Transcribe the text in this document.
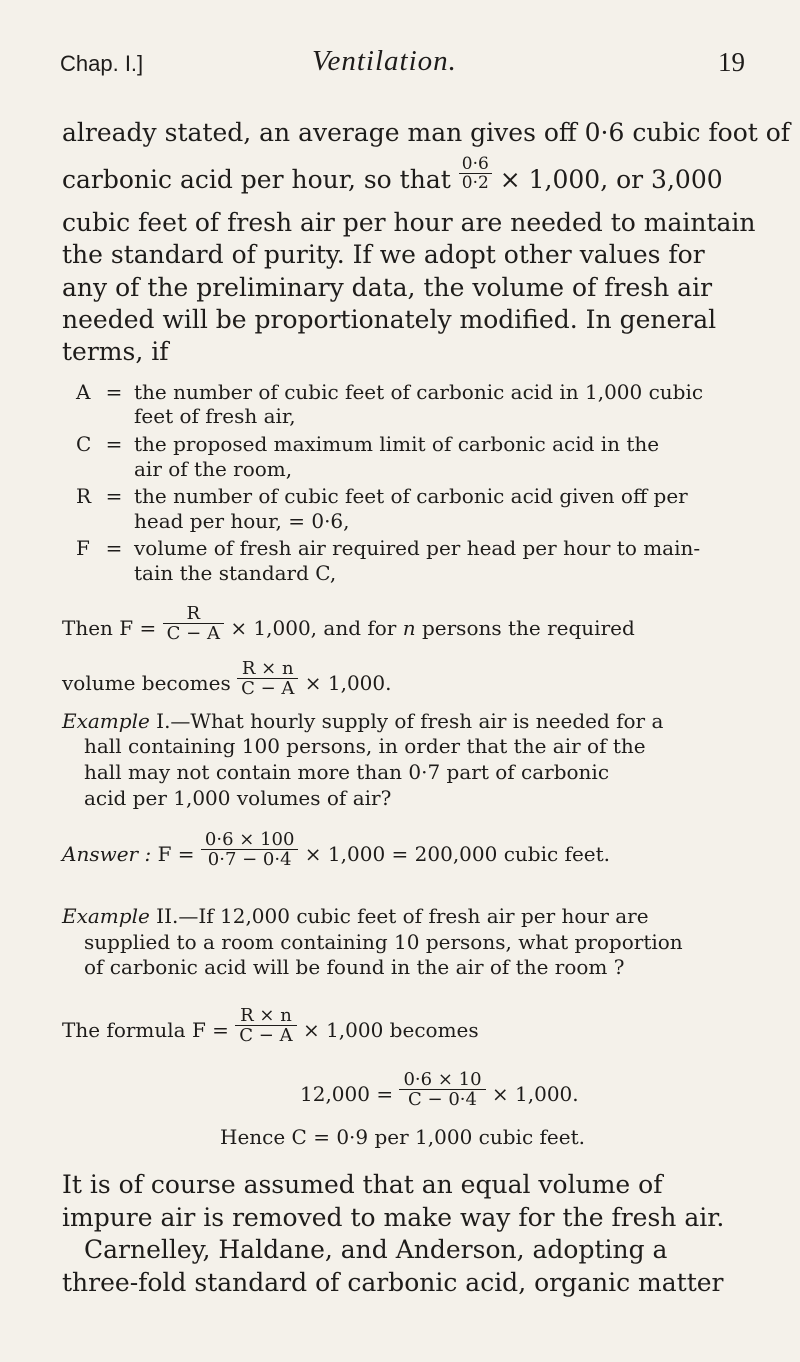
Chap. I.]	Ventilation.	19
already stated, an average man gives off 0·6 cubic foot of
carbonic acid per hour, so that $\frac{0\cdot 6}{0\cdot 2} \times 1,000$, or 3,000
cubic feet of fresh air per hour are needed to maintain
the standard of purity. If we adopt other values for
any of the preliminary data, the volume of fresh air
needed will be proportionately modified. In general
terms, if
A = the number of cubic feet of carbonic acid in 1,000 cubic
feet of fresh air,
C = the proposed maximum limit of carbonic acid in the
air of the room,
R = the number of cubic feet of carbonic acid given off per
head per hour, = 0·6,
F = volume of fresh air required per head per hour to main-
tain the standard C,
Then $F = \frac{R}{C - A} \times 1,000$, and for n persons the required
volume becomes $\frac{R \times n}{C - A} \times 1,000$.
Example I.—What hourly supply of fresh air is needed for a
hall containing 100 persons, in order that the air of the
hall may not contain more than 0·7 part of carbonic
acid per 1,000 volumes of air?
Answer : $F = \frac{0\cdot 6 \times 100}{0\cdot 7 - 0\cdot 4} \times 1,000 = 200,000$ cubic feet.
Example II.—If 12,000 cubic feet of fresh air per hour are
supplied to a room containing 10 persons, what proportion
of carbonic acid will be found in the air of the room ?
The formula $F = \frac{R \times n}{C - A} \times 1,000$ becomes
$12,000 = \frac{0\cdot 6 \times 10}{C - 0\cdot 4} \times 1,000$.
Hence C = 0·9 per 1,000 cubic feet.
It is of course assumed that an equal volume of
impure air is removed to make way for the fresh air.
Carnelley, Haldane, and Anderson, adopting a
three-fold standard of carbonic acid, organic matter
